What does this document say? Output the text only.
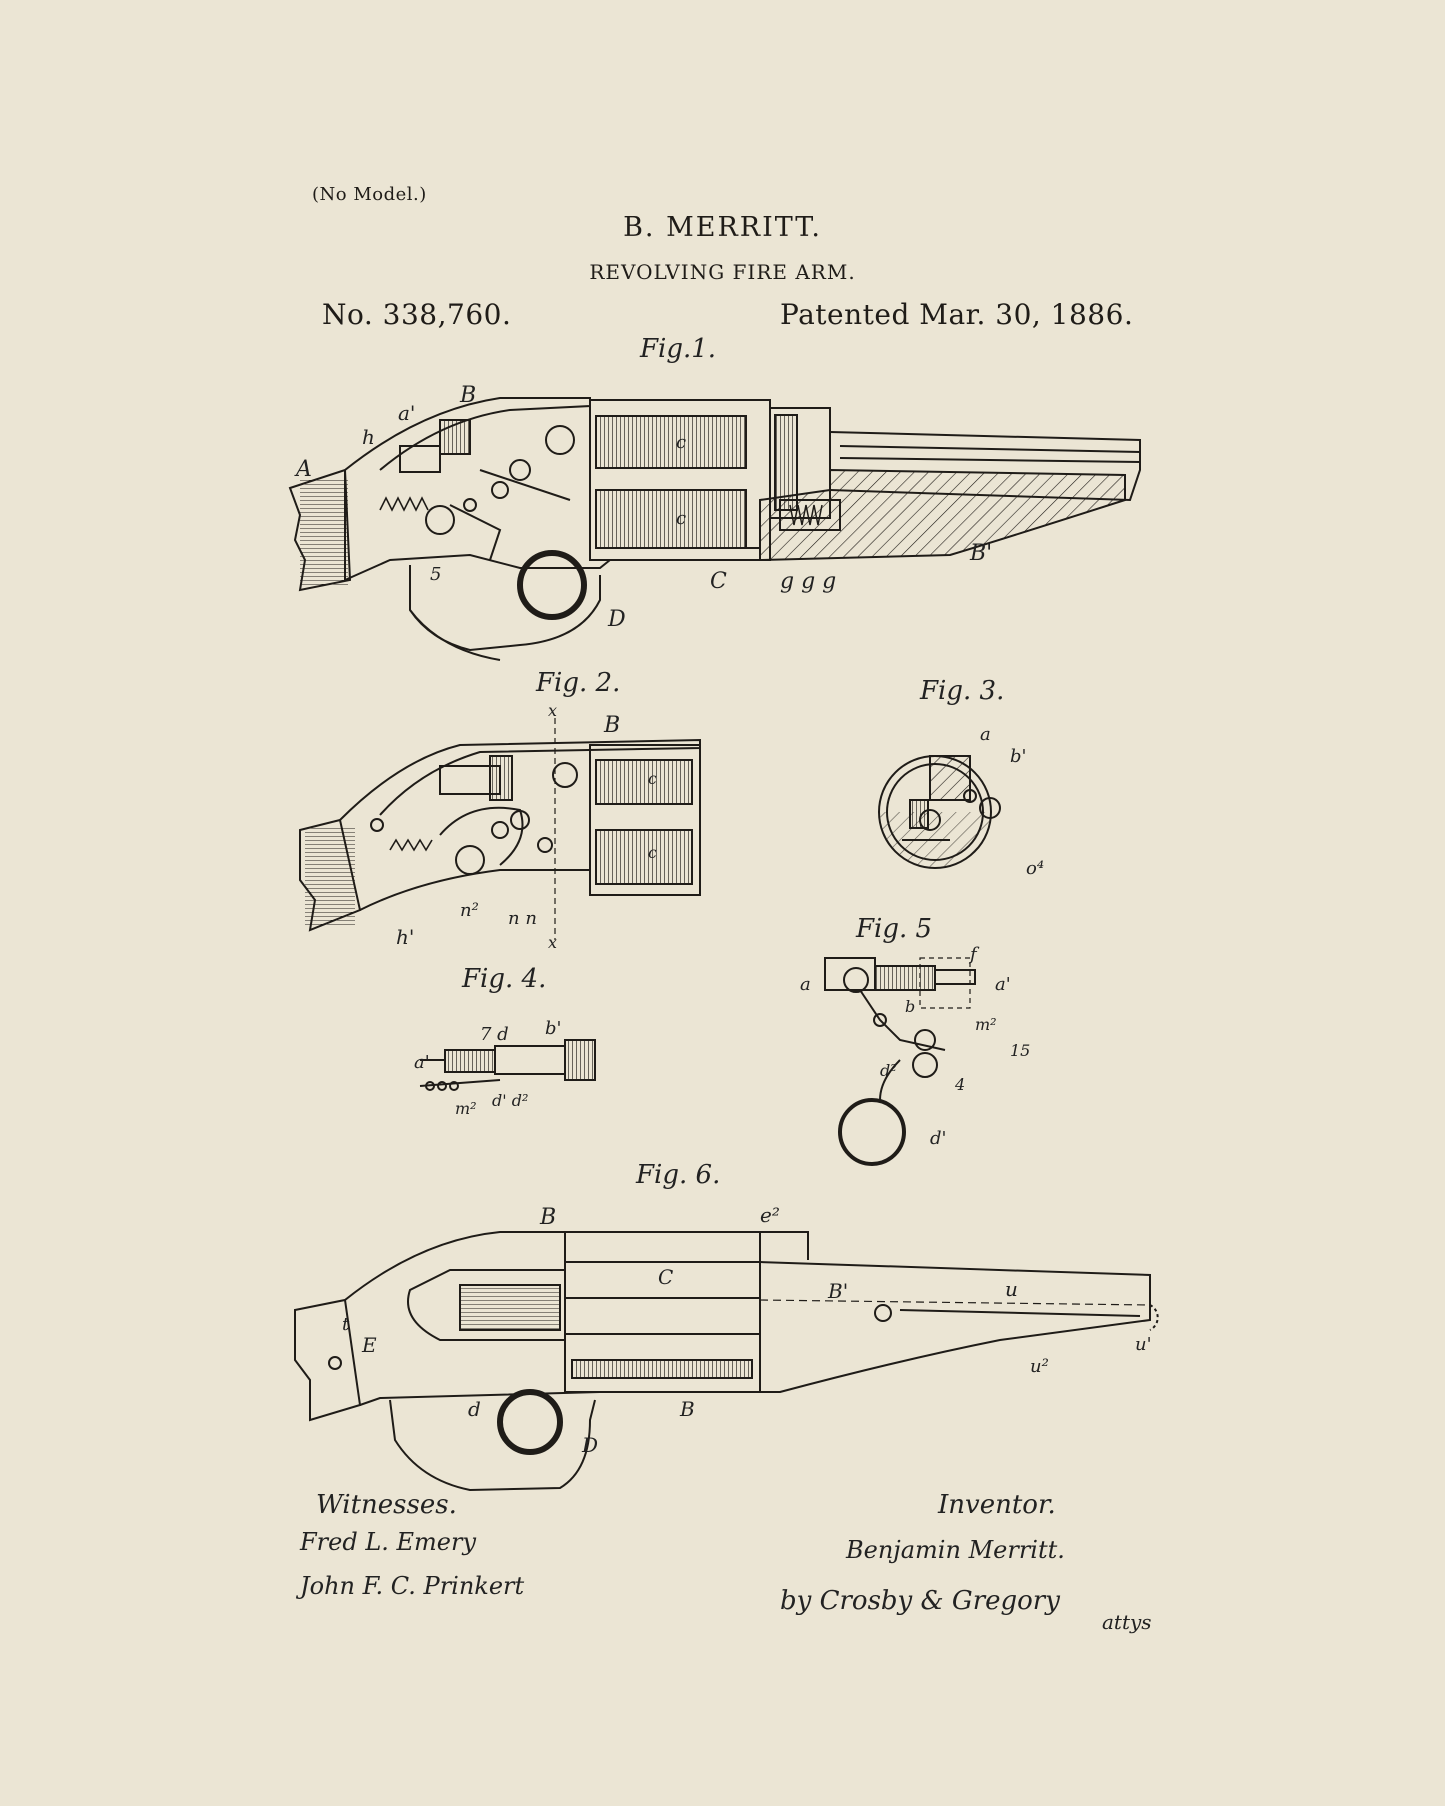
(No Model.)
B. MERRITT.
REVOLVING FIRE ARM.
No. 338,760.	Patented Mar. 30, 1886.
Fig.1.
Fig. 2.	Fig. 3.
Fig. 4.
Fig. 5
Fig. 6.
B
a'
h
A
c
c
5	C g g g
B'
D
B
x
x
c
c
h'
n² n n
a
b'
o⁴
a'
7 d b'
m² d' d²
a
f
a'
b
m²
15
d²
4
d'
B	e²
C
B'	u
u'
u²
t
E
d	B
D
Witnesses.
Fred L. Emery
John F. C. Prinkert
Inventor.
Benjamin Merritt.
by Crosby & Gregory
attys
